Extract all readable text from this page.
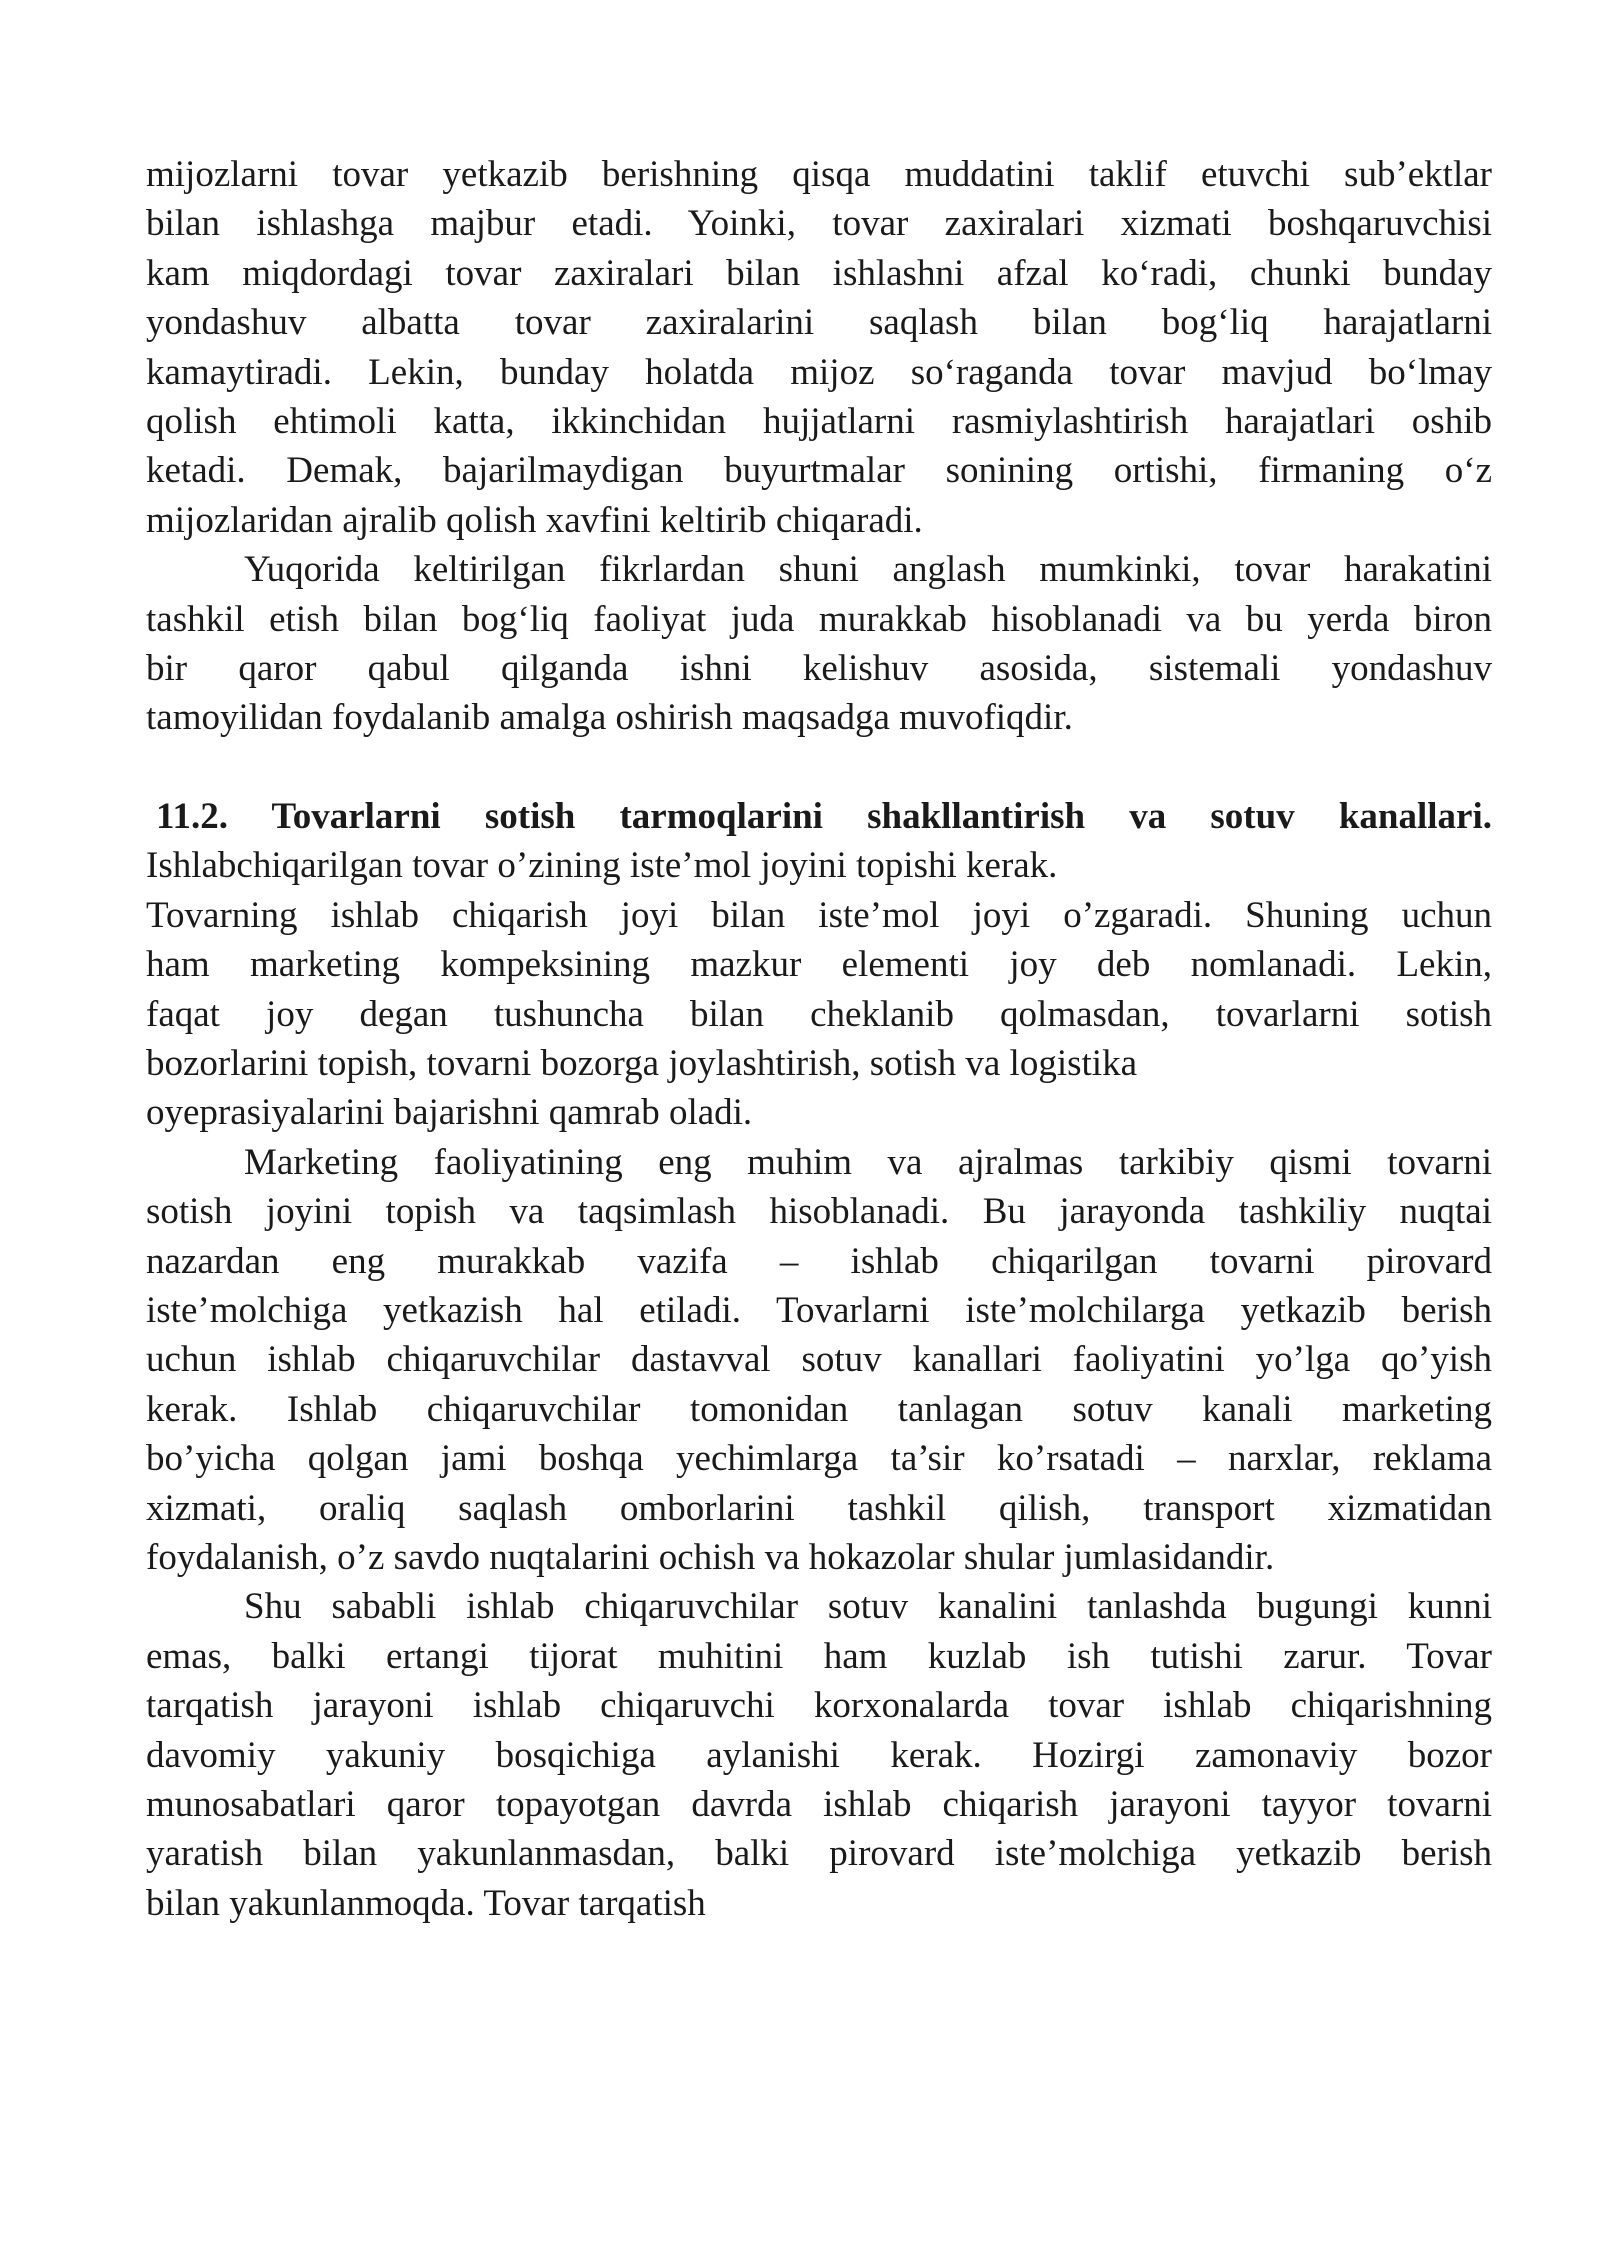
mijozlarni tovar yetkazib berishning qisqa muddatini taklif etuvchi sub’ektlar
bilan ishlashga majbur etadi. Yoinki, tovar zaxiralari xizmati boshqaruvchisi
kam miqdordagi tovar zaxiralari bilan ishlashni afzal ko‘radi, chunki bunday
yondashuv albatta tovar zaxiralarini saqlash bilan bog‘liq harajatlarni
kamaytiradi. Lekin, bunday holatda mijoz so‘raganda tovar mavjud bo‘lmay
qolish ehtimoli katta, ikkinchidan hujjatlarni rasmiylashtirish harajatlari oshib
ketadi. Demak, bajarilmaydigan buyurtmalar sonining ortishi, firmaning o‘z
mijozlaridan ajralib qolish xavfini keltirib chiqaradi.
Yuqorida keltirilgan fikrlardan shuni anglash mumkinki, tovar harakatini
tashkil etish bilan bog‘liq faoliyat juda murakkab hisoblanadi va bu yerda biron
bir qaror qabul qilganda ishni kelishuv asosida, sistemali yondashuv
tamoyilidan foydalanib amalga oshirish maqsadga muvofiqdir.
11.2. Tovarlarni sotish tarmoqlarini shakllantirish va sotuv kanallari.
Ishlabchiqarilgan tovar o’zining iste’mol joyini topishi kerak.
Tovarning ishlab chiqarish joyi bilan iste’mol joyi o’zgaradi. Shuning uchun
ham marketing kompeksining mazkur elementi joy deb nomlanadi. Lekin,
faqat joy degan tushuncha bilan cheklanib qolmasdan, tovarlarni sotish
bozorlarini topish, tovarni bozorga joylashtirish, sotish va logistika
oyeprasiyalarini bajarishni qamrab oladi.
Marketing faoliyatining eng muhim va ajralmas tarkibiy qismi tovarni
sotish joyini topish va taqsimlash hisoblanadi. Bu jarayonda tashkiliy nuqtai
nazardan eng murakkab vazifa – ishlab chiqarilgan tovarni pirovard
iste’molchiga yetkazish hal etiladi. Tovarlarni iste’molchilarga yetkazib berish
uchun ishlab chiqaruvchilar dastavval sotuv kanallari faoliyatini yo’lga qo’yish
kerak. Ishlab chiqaruvchilar tomonidan tanlagan sotuv kanali marketing
bo’yicha qolgan jami boshqa yechimlarga ta’sir ko’rsatadi – narxlar, reklama
xizmati, oraliq saqlash omborlarini tashkil qilish, transport xizmatidan
foydalanish, o’z savdo nuqtalarini ochish va hokazolar shular jumlasidandir.
Shu sababli ishlab chiqaruvchilar sotuv kanalini tanlashda bugungi kunni
emas, balki ertangi tijorat muhitini ham kuzlab ish tutishi zarur. Tovar
tarqatish jarayoni ishlab chiqaruvchi korxonalarda tovar ishlab chiqarishning
davomiy yakuniy bosqichiga aylanishi kerak. Hozirgi zamonaviy bozor
munosabatlari qaror topayotgan davrda ishlab chiqarish jarayoni tayyor tovarni
yaratish bilan yakunlanmasdan, balki pirovard iste’molchiga yetkazib berish
bilan yakunlanmoqda. Tovar tarqatish
